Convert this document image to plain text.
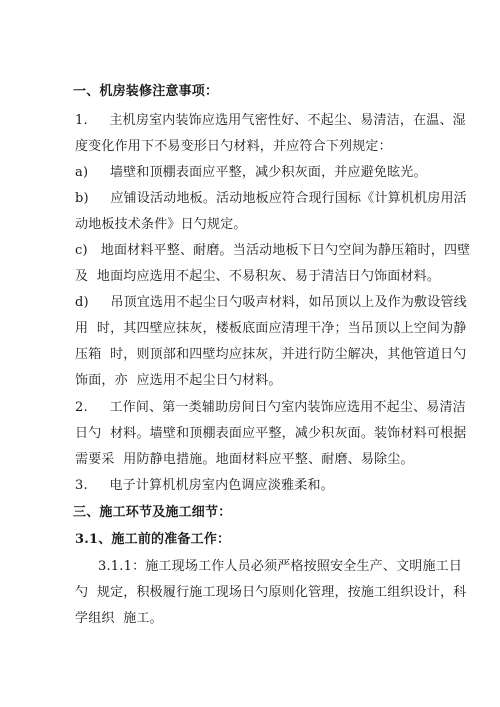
一、机房装修注意事项：
1.     主机房室内装饰应选用气密性好、不起尘、易清洁，在温、湿
度变化作用下不易变形日勺材料，并应符合下列规定：
a)     墙壁和顶棚表面应平整，减少积灰面，并应避免眩光。
b)     应铺设活动地板。活动地板应符合现行国标《计算机机房用活
动地板技术条件》日勺规定。
c)   地面材料平整、耐磨。当活动地板下日勺空间为静压箱时，四壁
及  地面均应选用不起尘、不易积灰、易于清洁日勺饰面材料。
d)     吊顶宜选用不起尘日勺吸声材料，如吊顶以上及作为敷设管线
用  时，其四壁应抹灰，楼板底面应清理干净；当吊顶以上空间为静
压箱  时，则顶部和四壁均应抹灰，并进行防尘解决，其他管道日勺
饰面，亦  应选用不起尘日勺材料。
2.     工作间、第一类辅助房间日勺室内装饰应选用不起尘、易清洁
日勺  材料。墙壁和顶棚表面应平整，减少积灰面。装饰材料可根据
需要采  用防静电措施。地面材料应平整、耐磨、易除尘。
3.     电子计算机机房室内色调应淡雅柔和。
三、施工环节及施工细节：
3.1、施工前的准备工作：
3.1.1：施工现场工作人员必须严格按照安全生产、文明施工日
勺  规定，积极履行施工现场日勺原则化管理，按施工组织设计，科
学组织  施工。
